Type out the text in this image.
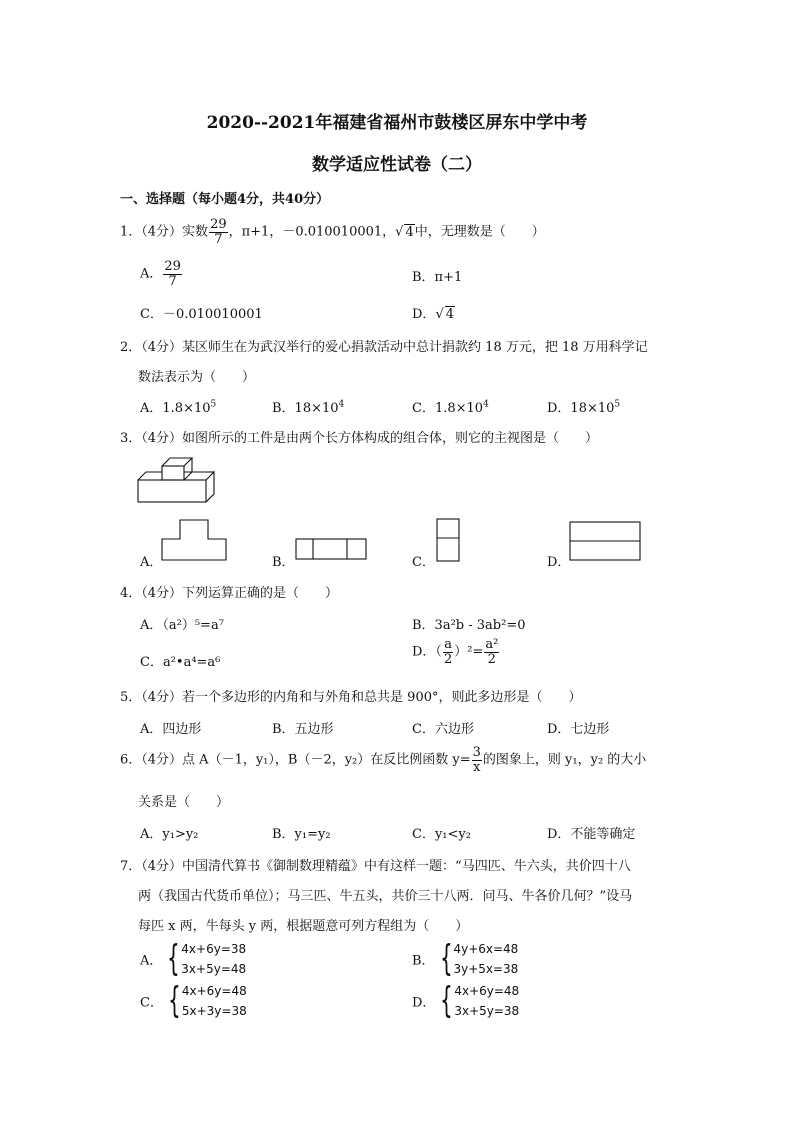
2020--2021年福建省福州市鼓楼区屏东中学中考
数学适应性试卷（二）
一、选择题（每小题4分，共40分）
1．（4分）实数 $\frac{29}{7}$ ，π+1，－0.010010001，√ 4中，无理数是（　　）
A． $\frac{29}{7}$	B．π+1
C．－0.010010001	D．√ 4
2．（4分）某区师生在为武汉举行的爱心捐款活动中总计捐款约 18 万元，把 18 万用科学记
数法表示为（　　）
A．$1.8\times 10^5$	B．$18\times 10^4$	C．$1.8\times 10^4$	D．$18\times 10^5$
3．（4分）如图所示的工件是由两个长方体构成的组合体，则它的主视图是（　　）
A．	B．	C．	D．
4．（4分）下列运算正确的是（　　）
A．（a²）⁵=a⁷	B．3a²b - 3ab²=0
C．a²•a⁴=a⁶
D．（ $\frac{a}{2} )^2= \frac{\text{a²}}{2}$
5．（4分）若一个多边形的内角和与外角和总共是 900°，则此多边形是（　　）
A．四边形	B．五边形	C．六边形	D．七边形
6．（4分）点 A（－1，y₁），B（－2，y₂）在反比例函数 $y= \frac{3}{x}$ 的图象上，则 y₁，y₂ 的大小
关系是（　　）
A．y₁>y₂	B．y₁=y₂	C．y₁<y₂	D．不能等确定
7．（4分）中国清代算书《御制数理精蕴》中有这样一题：“马四匹、牛六头，共价四十八
两（我国古代货币单位）；马三匹、牛五头，共价三十八两．问马、牛各价几何？”设马
每匹 x 两，牛每头 y 两，根据题意可列方程组为（　　）
A． {4x+6y=38
3x+5y=48
B． {4y+6x=48
3y+5x=38
C． {4x+6y=48
5x+3y=38
D． {4x+6y=48
3x+5y=38
